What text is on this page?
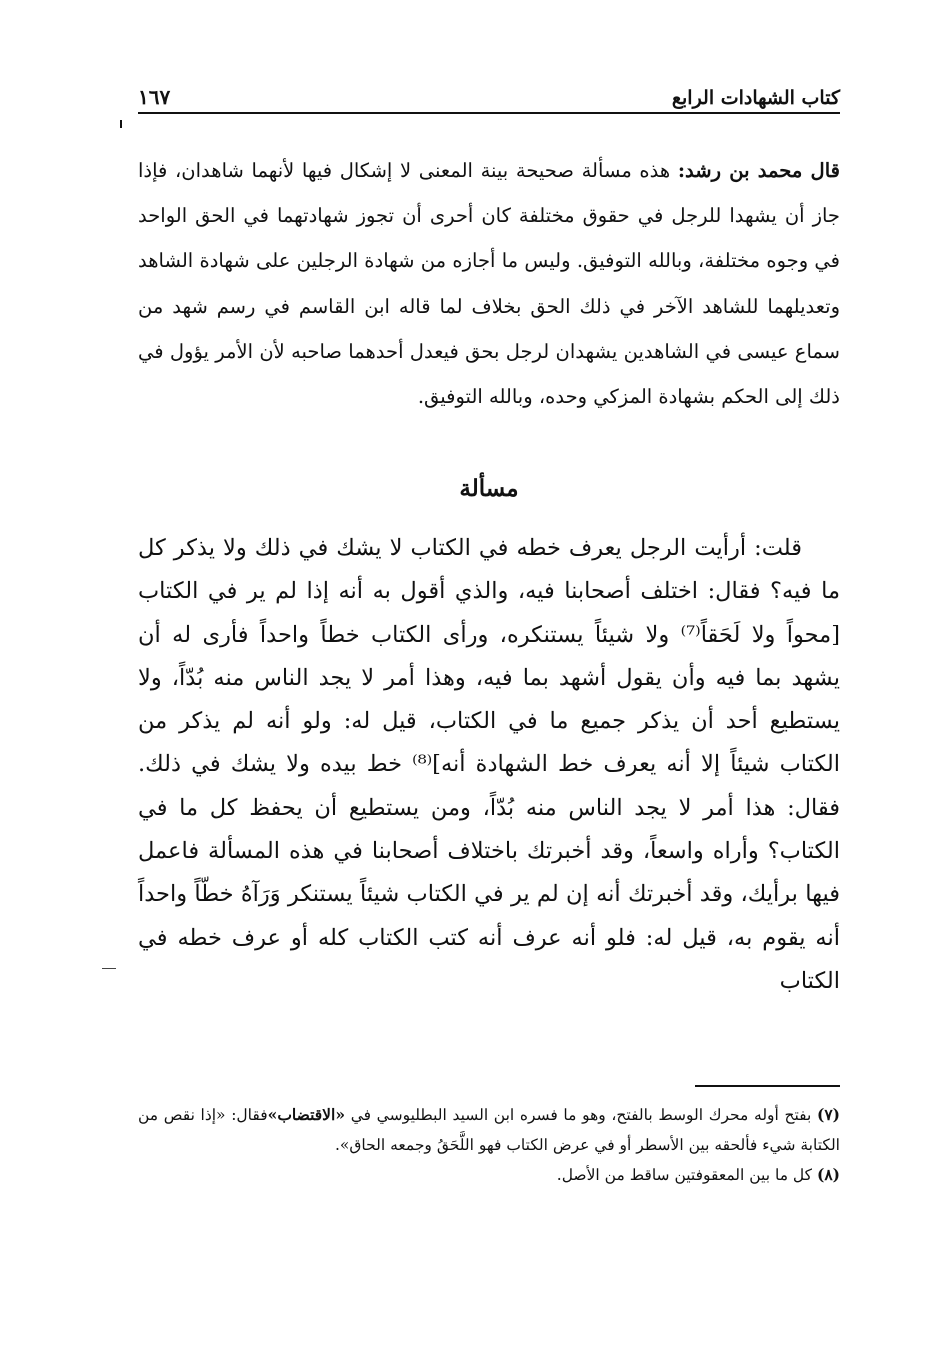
كتاب الشهادات الرابع
١٦٧

قال محمد بن رشد: هذه مسألة صحيحة بينة المعنى لا إشكال فيها لأنهما شاهدان، فإذا جاز أن يشهدا للرجل في حقوق مختلفة كان أحرى أن تجوز شهادتهما في الحق الواحد في وجوه مختلفة، وبالله التوفيق. وليس ما أجازه من شهادة الرجلين على شهادة الشاهد وتعديلهما للشاهد الآخر في ذلك الحق بخلاف لما قاله ابن القاسم في رسم شهد من سماع عيسى في الشاهدين يشهدان لرجل بحق فيعدل أحدهما صاحبه لأن الأمر يؤول في ذلك إلى الحكم بشهادة المزكي وحده، وبالله التوفيق.

مسألة

قلت: أرأيت الرجل يعرف خطه في الكتاب لا يشك في ذلك ولا يذكر كل ما فيه؟ فقال: اختلف أصحابنا فيه، والذي أقول به أنه إذا لم ير في الكتاب [محواً ولا لَحَقاً⁽⁷⁾ ولا شيئاً يستنكره، ورأى الكتاب خطاً واحداً فأرى له أن يشهد بما فيه وأن يقول أشهد بما فيه، وهذا أمر لا يجد الناس منه بُدّاً، ولا يستطيع أحد أن يذكر جميع ما في الكتاب، قيل له: ولو أنه لم يذكر من الكتاب شيئاً إلا أنه يعرف خط الشهادة أنه]⁽⁸⁾ خط بيده ولا يشك في ذلك. فقال: هذا أمر لا يجد الناس منه بُدّاً، ومن يستطيع أن يحفظ كل ما في الكتاب؟ وأراه واسعاً، وقد أخبرتك باختلاف أصحابنا في هذه المسألة فاعمل فيها برأيك، وقد أخبرتك أنه إن لم ير في الكتاب شيئاً يستنكر وَرَآهُ خطّاً واحداً أنه يقوم به، قيل له: فلو أنه عرف أنه كتب الكتاب كله أو عرف خطه في الكتاب

(٧) بفتح أوله محرك الوسط بالفتح، وهو ما فسره ابن السيد البطليوسي في «الاقتضاب»فقال: «إذا نقص من الكتابة شيء فألحقه بين الأسطر أو في عرض الكتاب فهو اللَّحَقُ وجمعه الحاق».

(٨) كل ما بين المعقوفتين ساقط من الأصل.
